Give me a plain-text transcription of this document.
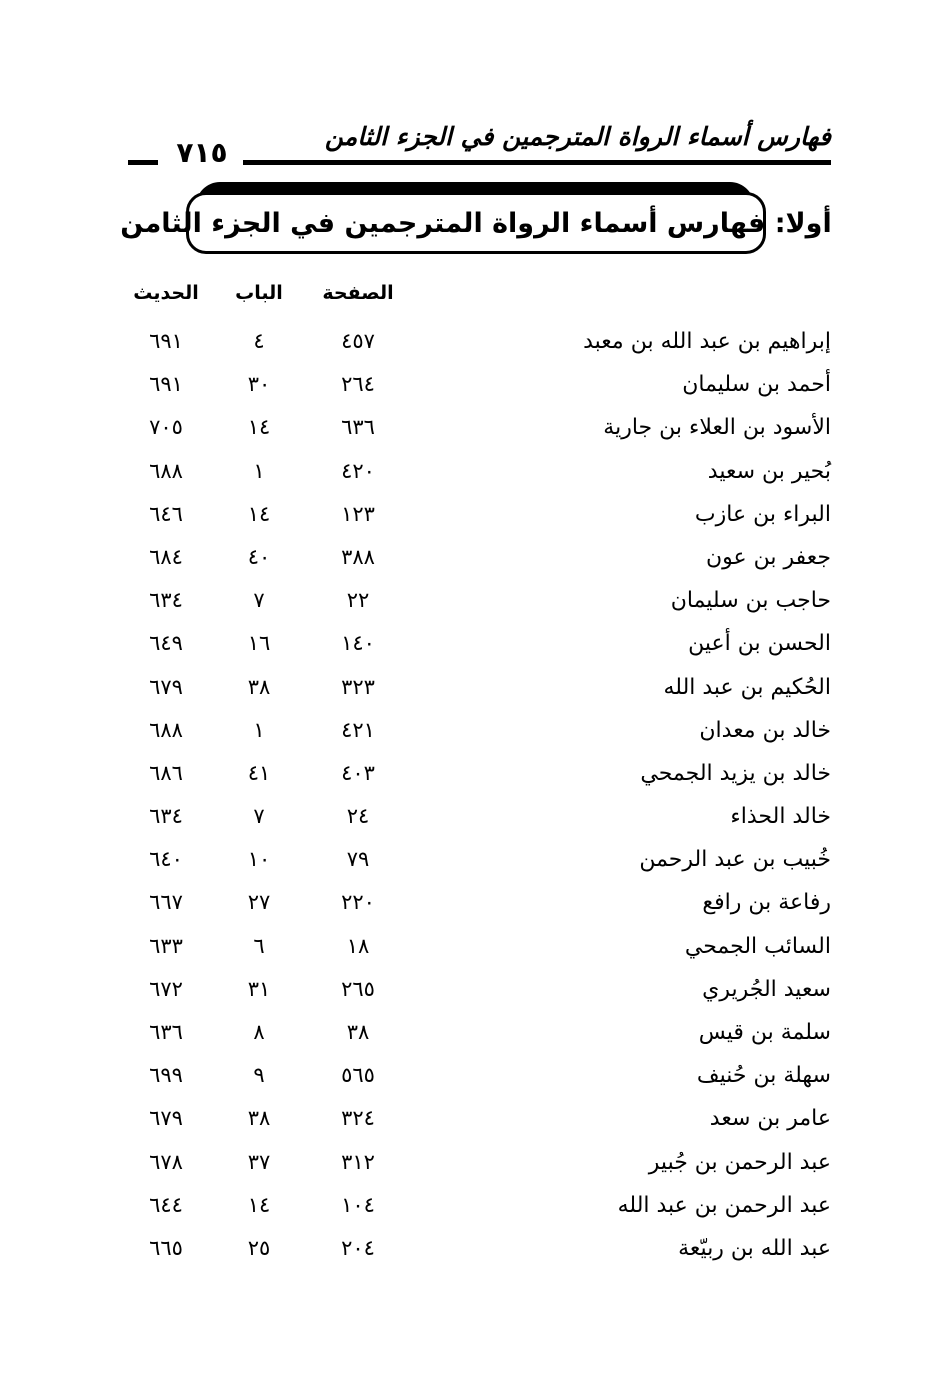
فهارس أسماء الرواة المترجمين في الجزء الثامن
٧١٥
أولا: فهارس أسماء الرواة المترجمين في الجزء الثامن
الصفحة
الباب
الحديث
إبراهيم بن عبد الله بن معبد
٤٥٧
٤
٦٩١
أحمد بن سليمان
٢٦٤
٣٠
٦٩١
الأسود بن العلاء بن جارية
٦٣٦
١٤
٧٠٥
بُحير بن سعيد
٤٢٠
١
٦٨٨
البراء بن عازب
١٢٣
١٤
٦٤٦
جعفر بن عون
٣٨٨
٤٠
٦٨٤
حاجب بن سليمان
٢٢
٧
٦٣٤
الحسن بن أعين
١٤٠
١٦
٦٤٩
الحُكيم بن عبد الله
٣٢٣
٣٨
٦٧٩
خالد بن معدان
٤٢١
١
٦٨٨
خالد بن يزيد الجمحي
٤٠٣
٤١
٦٨٦
خالد الحذاء
٢٤
٧
٦٣٤
خُبيب بن عبد الرحمن
٧٩
١٠
٦٤٠
رفاعة بن رافع
٢٢٠
٢٧
٦٦٧
السائب الجمحي
١٨
٦
٦٣٣
سعيد الجُريري
٢٦٥
٣١
٦٧٢
سلمة بن قيس
٣٨
٨
٦٣٦
سهلة بن حُنيف
٥٦٥
٩
٦٩٩
عامر بن سعد
٣٢٤
٣٨
٦٧٩
عبد الرحمن بن جُبير
٣١٢
٣٧
٦٧٨
عبد الرحمن بن عبد الله
١٠٤
١٤
٦٤٤
عبد الله بن ربيّعة
٢٠٤
٢٥
٦٦٥
